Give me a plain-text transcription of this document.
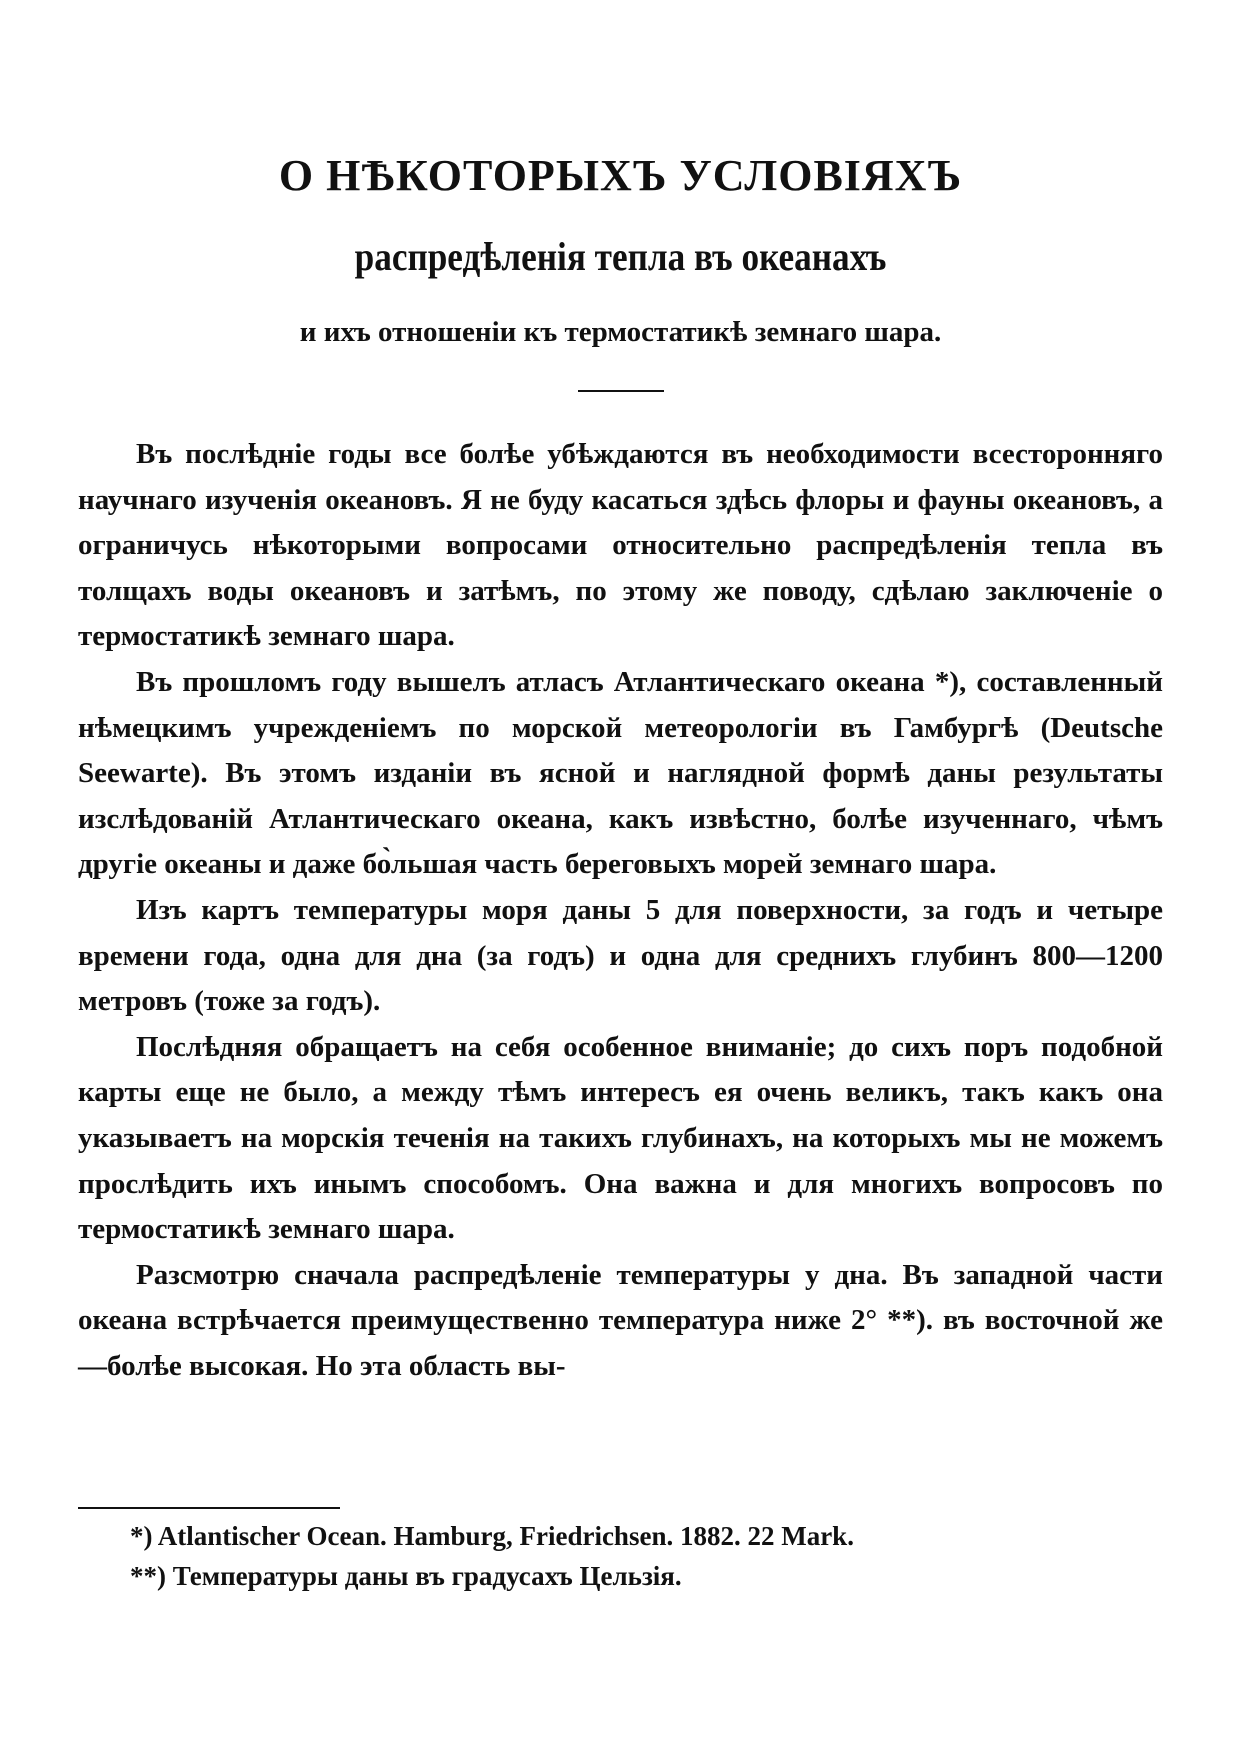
О НѢКОТОРЫХЪ УСЛОВІЯХЪ
распредѣленія тепла въ океанахъ
и ихъ отношеніи къ термостатикѣ земнаго шара.

Въ послѣдніе годы все болѣе убѣждаются въ необходимости всесторонняго научнаго изученія океановъ. Я не буду касаться здѣсь флоры и фауны океановъ, а ограничусь нѣкоторыми вопросами относительно распредѣленія тепла въ толщахъ воды океановъ и затѣмъ, по этому же поводу, сдѣлаю заключеніе о термостатикѣ земнаго шара.

Въ прошломъ году вышелъ атласъ Атлантическаго океана *), составленный нѣмецкимъ учрежденіемъ по морской метеорологіи въ Гамбургѣ (Deutsche Seewarte). Въ этомъ изданіи въ ясной и наглядной формѣ даны результаты изслѣдованій Атлантическаго океана, какъ извѣстно, болѣе изученнаго, чѣмъ другіе океаны и даже бо̀льшая часть береговыхъ морей земнаго шара.

Изъ картъ температуры моря даны 5 для поверхности, за годъ и четыре времени года, одна для дна (за годъ) и одна для среднихъ глубинъ 800—1200 метровъ (тоже за годъ).

Послѣдняя обращаетъ на себя особенное вниманіе; до сихъ поръ подобной карты еще не было, а между тѣмъ интересъ ея очень великъ, такъ какъ она указываетъ на морскія теченія на такихъ глубинахъ, на которыхъ мы не можемъ прослѣдить ихъ инымъ способомъ. Она важна и для многихъ вопросовъ по термостатикѣ земнаго шара.

Разсмотрю сначала распредѣленіе температуры у дна. Въ западной части океана встрѣчается преимущественно температура ниже 2° **). въ восточной же—болѣе высокая. Но эта область вы-

*) Atlantischer Ocean. Hamburg, Friedrichsen. 1882. 22 Mark.

**) Температуры даны въ градусахъ Цельзія.
